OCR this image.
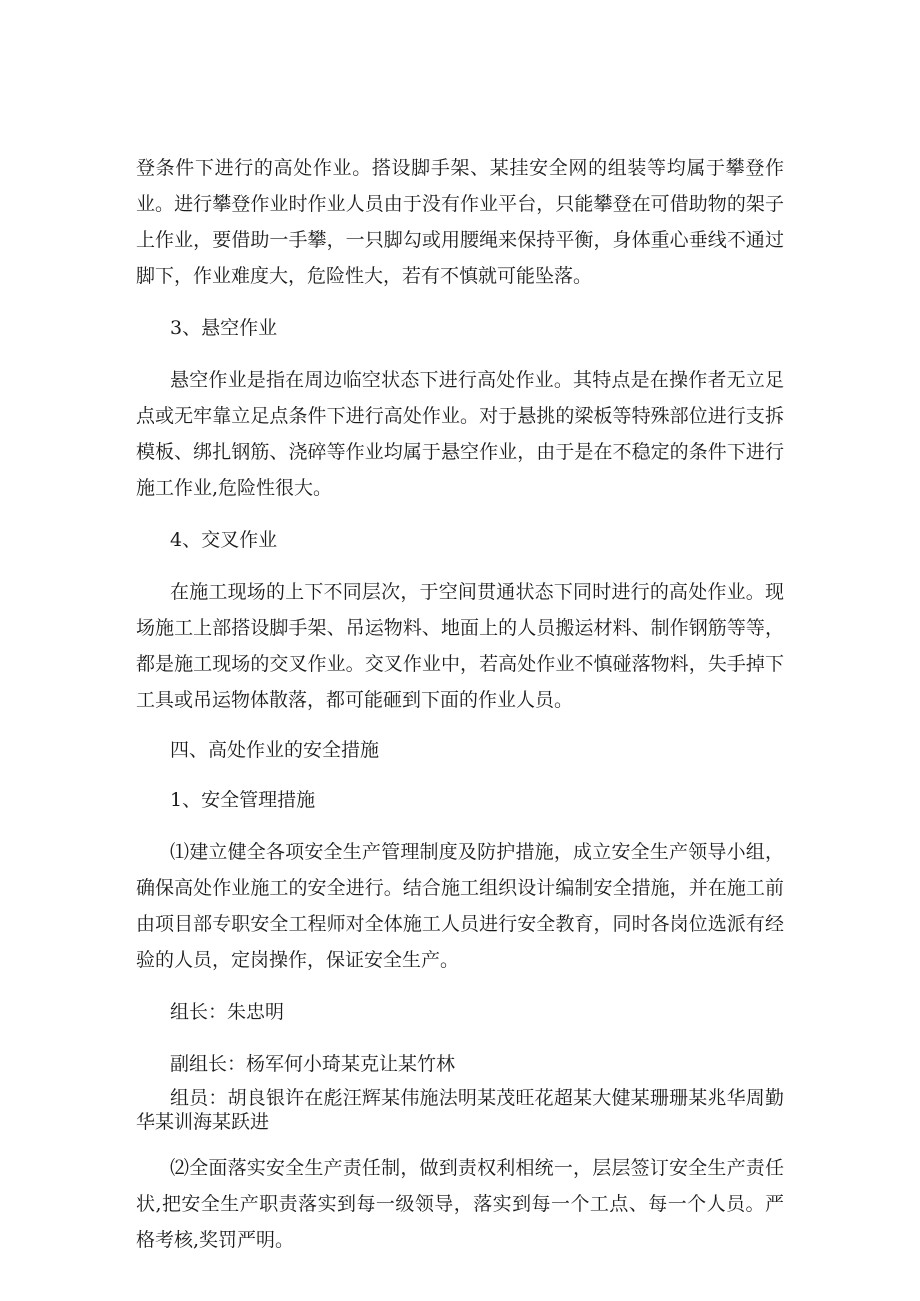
登条件下进行的高处作业。搭设脚手架、某挂安全网的组装等均属于攀登作业。进行攀登作业时作业人员由于没有作业平台，只能攀登在可借助物的架子上作业，要借助一手攀，一只脚勾或用腰绳来保持平衡，身体重心垂线不通过脚下，作业难度大，危险性大，若有不慎就可能坠落。

3、悬空作业

悬空作业是指在周边临空状态下进行高处作业。其特点是在操作者无立足点或无牢靠立足点条件下进行高处作业。对于悬挑的梁板等特殊部位进行支拆模板、绑扎钢筋、浇碎等作业均属于悬空作业，由于是在不稳定的条件下进行施工作业,危险性很大。

4、交叉作业

在施工现场的上下不同层次，于空间贯通状态下同时进行的高处作业。现场施工上部搭设脚手架、吊运物料、地面上的人员搬运材料、制作钢筋等等，都是施工现场的交叉作业。交叉作业中，若高处作业不慎碰落物料，失手掉下工具或吊运物体散落，都可能砸到下面的作业人员。

四、高处作业的安全措施

1、安全管理措施

⑴建立健全各项安全生产管理制度及防护措施，成立安全生产领导小组，确保高处作业施工的安全进行。结合施工组织设计编制安全措施，并在施工前由项目部专职安全工程师对全体施工人员进行安全教育，同时各岗位选派有经验的人员，定岗操作，保证安全生产。

组长：朱忠明

副组长：杨军何小琦某克让某竹林

组员：胡良银许在彪汪辉某伟施法明某茂旺花超某大健某珊珊某兆华周勤华某训海某跃进

⑵全面落实安全生产责任制，做到责权利相统一，层层签订安全生产责任状,把安全生产职责落实到每一级领导，落实到每一个工点、每一个人员。严格考核,奖罚严明。
